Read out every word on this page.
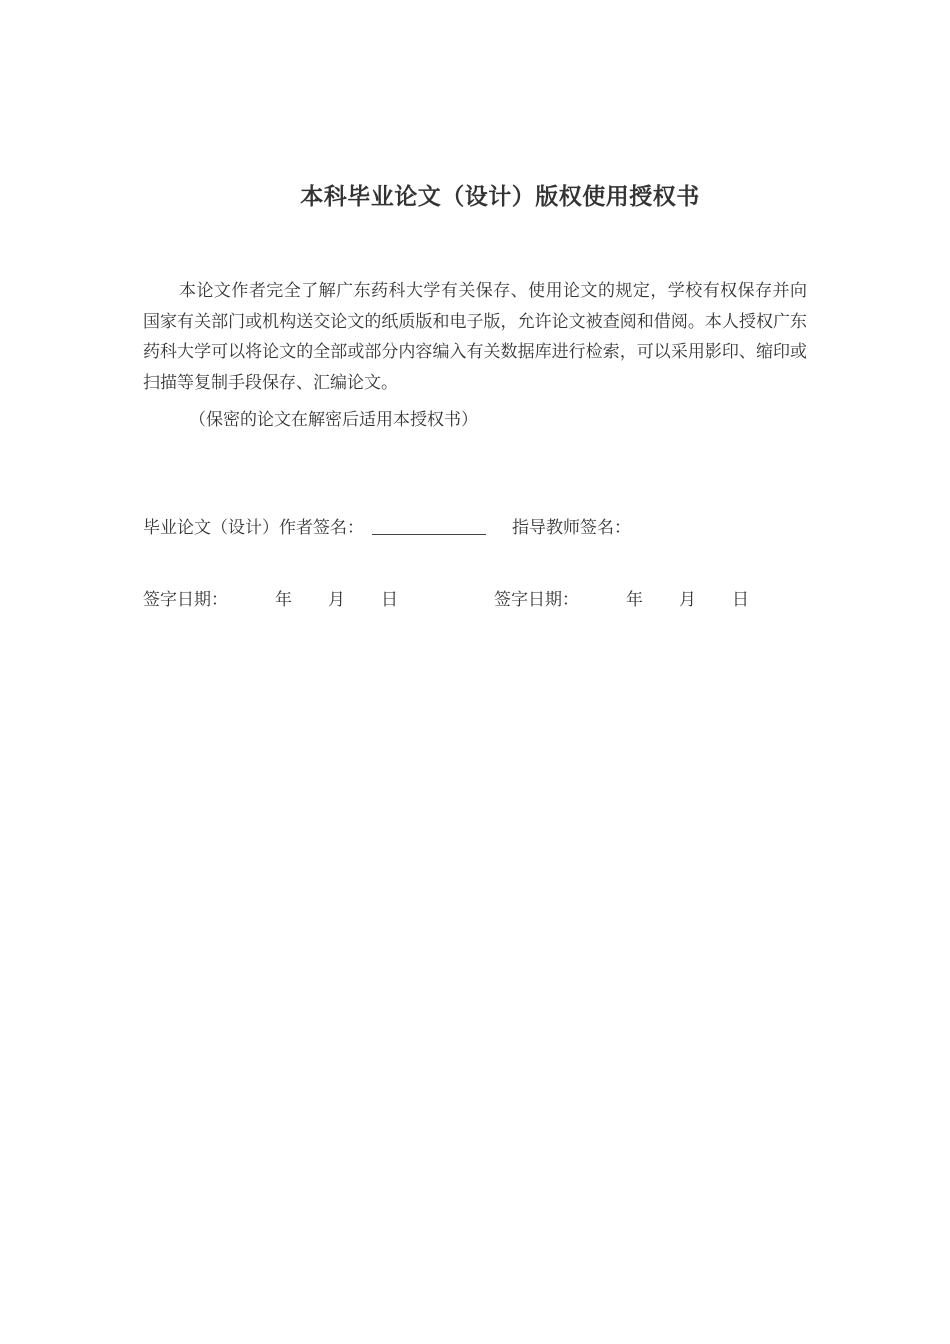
本科毕业论文（设计）版权使用授权书

本论文作者完全了解广东药科大学有关保存、使用论文的规定，学校有权保存并向国家有关部门或机构送交论文的纸质版和电子版，允许论文被查阅和借阅。本人授权广东药科大学可以将论文的全部或部分内容编入有关数据库进行检索，可以采用影印、缩印或扫描等复制手段保存、汇编论文。

（保密的论文在解密后适用本授权书）
毕业论文（设计）作者签名：	指导教师签名：
签字日期：	年 月 日	签字日期：	年 月 日
